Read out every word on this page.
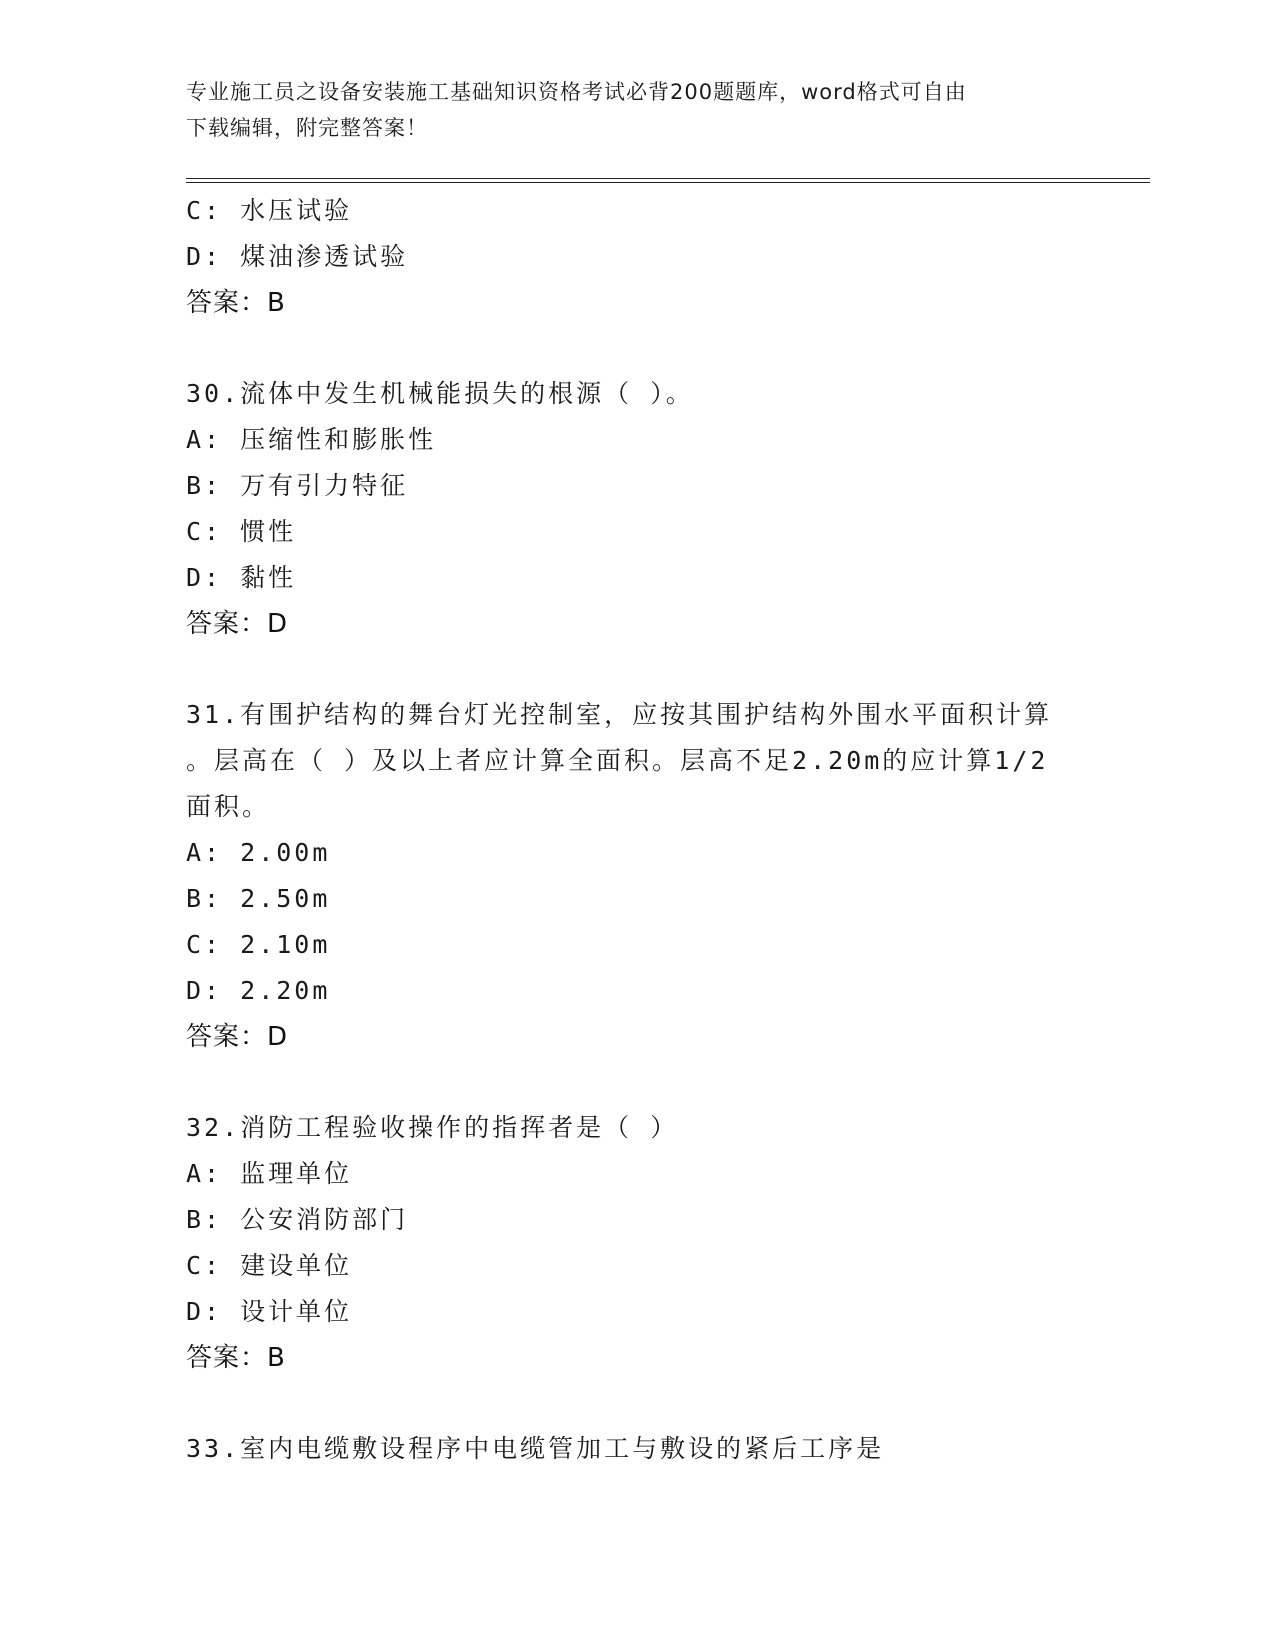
专业施工员之设备安装施工基础知识资格考试必背200题题库，word格式可自由
下载编辑，附完整答案！
C: 水压试验
D: 煤油渗透试验
答案：B
30.流体中发生机械能损失的根源（ ）。
A: 压缩性和膨胀性
B: 万有引力特征
C: 惯性
D: 黏性
答案：D
31.有围护结构的舞台灯光控制室，应按其围护结构外围水平面积计算
。层高在（ ）及以上者应计算全面积。层高不足2.20m的应计算1/2
面积。
A: 2.00m
B: 2.50m
C: 2.10m
D: 2.20m
答案：D
32.消防工程验收操作的指挥者是（ ）
A: 监理单位
B: 公安消防部门
C: 建设单位
D: 设计单位
答案：B
33.室内电缆敷设程序中电缆管加工与敷设的紧后工序是
